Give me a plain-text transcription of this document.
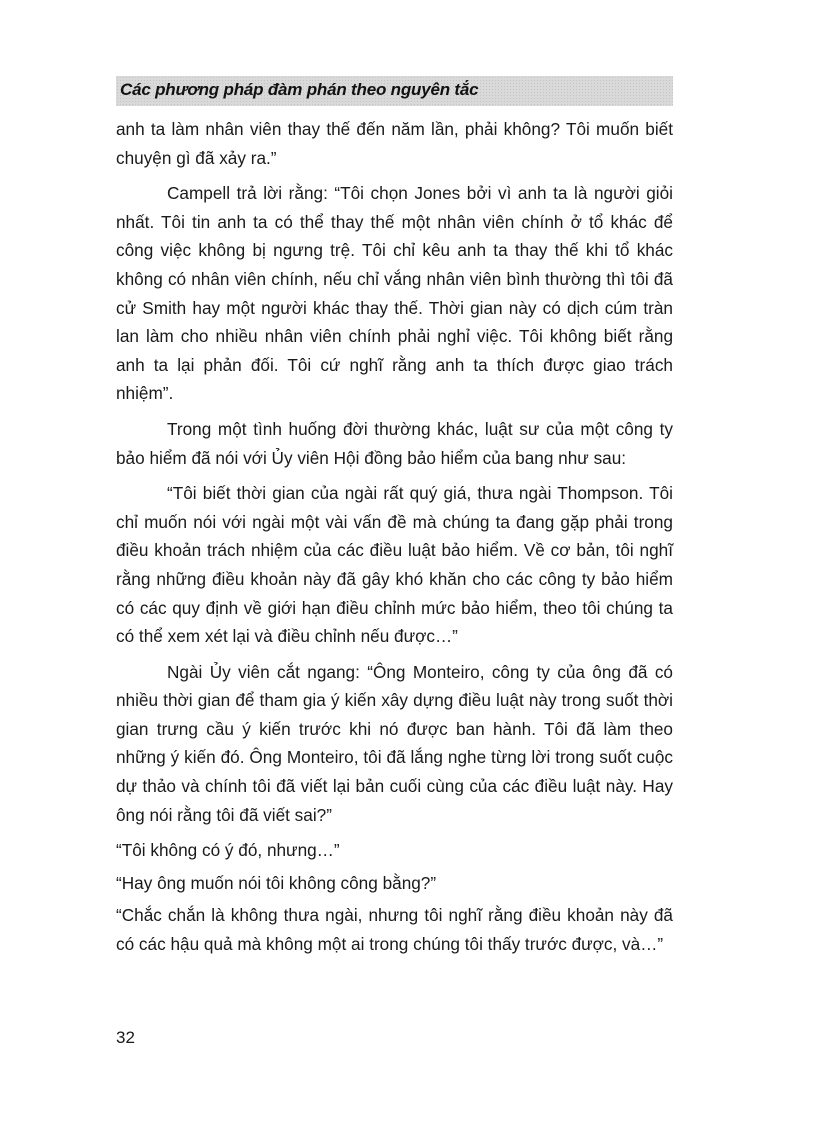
Các phương pháp đàm phán theo nguyên tắc

anh ta làm nhân viên thay thế đến năm lần, phải không? Tôi muốn biết chuyện gì đã xảy ra.”

Campell trả lời rằng: “Tôi chọn Jones bởi vì anh ta là người giỏi nhất. Tôi tin anh ta có thể thay thế một nhân viên chính ở tổ khác để công việc không bị ngưng trệ. Tôi chỉ kêu anh ta thay thế khi tổ khác không có nhân viên chính, nếu chỉ vắng nhân viên bình thường thì tôi đã cử Smith hay một người khác thay thế. Thời gian này có dịch cúm tràn lan làm cho nhiều nhân viên chính phải nghỉ việc. Tôi không biết rằng anh ta lại phản đối. Tôi cứ nghĩ rằng anh ta thích được giao trách nhiệm”.

Trong một tình huống đời thường khác, luật sư của một công ty bảo hiểm đã nói với Ủy viên Hội đồng bảo hiểm của bang như sau:

“Tôi biết thời gian của ngài rất quý giá, thưa ngài Thompson. Tôi chỉ muốn nói với ngài một vài vấn đề mà chúng ta đang gặp phải trong điều khoản trách nhiệm của các điều luật bảo hiểm. Về cơ bản, tôi nghĩ rằng những điều khoản này đã gây khó khăn cho các công ty bảo hiểm có các quy định về giới hạn điều chỉnh mức bảo hiểm, theo tôi chúng ta có thể xem xét lại và điều chỉnh nếu được…”

Ngài Ủy viên cắt ngang: “Ông Monteiro, công ty của ông đã có nhiều thời gian để tham gia ý kiến xây dựng điều luật này trong suốt thời gian trưng cầu ý kiến trước khi nó được ban hành. Tôi đã làm theo những ý kiến đó. Ông Monteiro, tôi đã lắng nghe từng lời trong suốt cuộc dự thảo và chính tôi đã viết lại bản cuối cùng của các điều luật này. Hay ông nói rằng tôi đã viết sai?”

“Tôi không có ý đó, nhưng…”

“Hay ông muốn nói tôi không công bằng?”

“Chắc chắn là không thưa ngài, nhưng tôi nghĩ rằng điều khoản này đã có các hậu quả mà không một ai trong chúng tôi thấy trước được, và…”

32
